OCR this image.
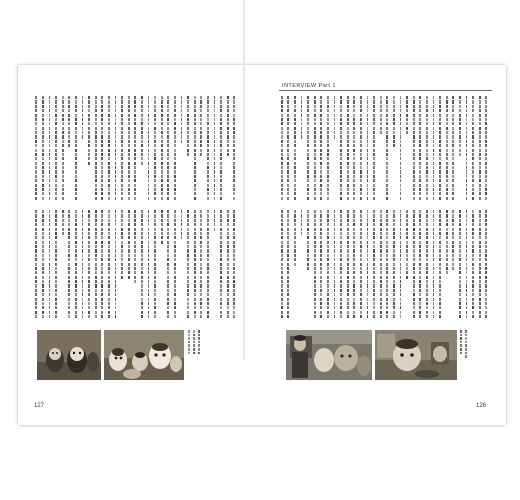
INTERVIEW Part 1
127	126
